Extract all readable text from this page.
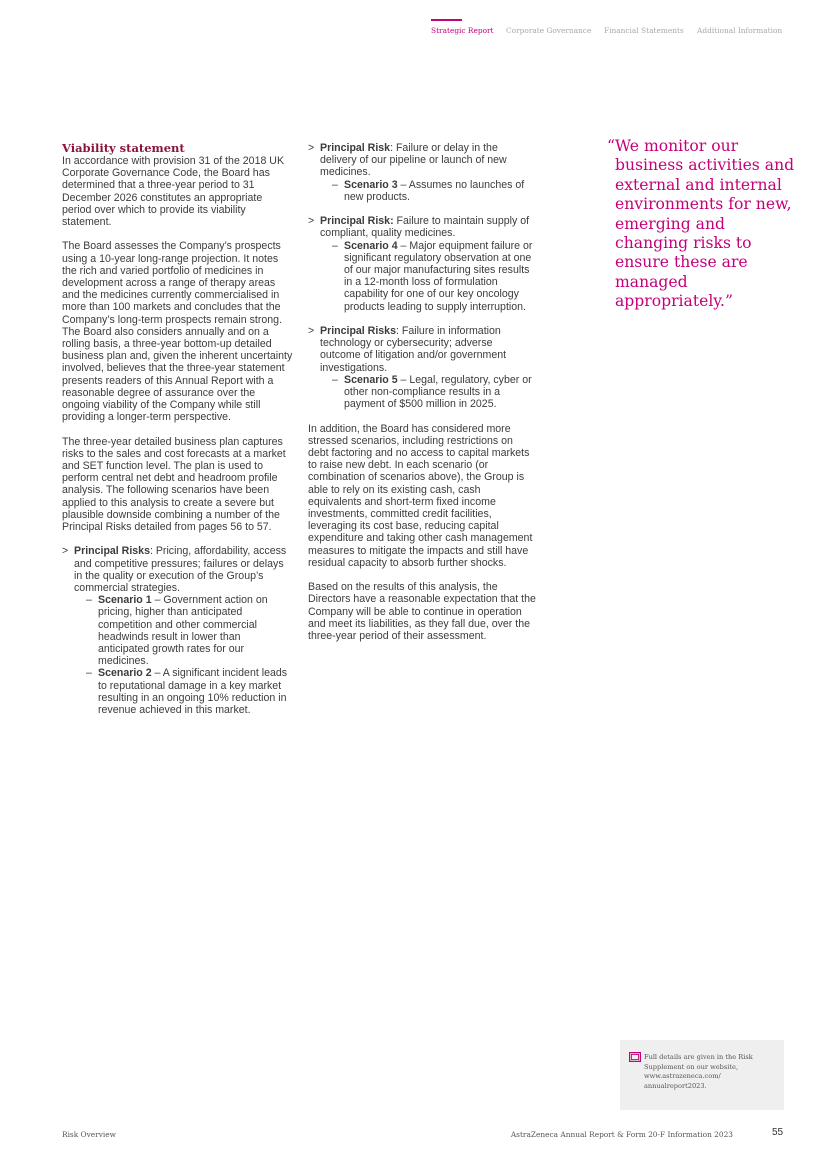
Strategic Report Corporate Governance Financial Statements Additional Information
Viability statement

In accordance with provision 31 of the 2018 UK Corporate Governance Code, the Board has determined that a three-year period to 31 December 2026 constitutes an appropriate period over which to provide its viability statement.

The Board assesses the Company’s prospects using a 10-year long-range projection. It notes the rich and varied portfolio of medicines in development across a range of therapy areas and the medicines currently commercialised in more than 100 markets and concludes that the Company’s long-term prospects remain strong. The Board also considers annually and on a rolling basis, a three-year bottom-up detailed business plan and, given the inherent uncertainty involved, believes that the three-year statement presents readers of this Annual Report with a reasonable degree of assurance over the ongoing viability of the Company while still providing a longer-term perspective.

The three-year detailed business plan captures risks to the sales and cost forecasts at a market and SET function level. The plan is used to perform central net debt and headroom profile analysis. The following scenarios have been applied to this analysis to create a severe but plausible downside combining a number of the Principal Risks detailed from pages 56 to 57.

> Principal Risks: Pricing, affordability, access and competitive pressures; failures or delays in the quality or execution of the Group’s commercial strategies.
– Scenario 1 – Government action on pricing, higher than anticipated competition and other commercial headwinds result in lower than anticipated growth rates for our medicines.
– Scenario 2 – A significant incident leads to reputational damage in a key market resulting in an ongoing 10% reduction in revenue achieved in this market.
> Principal Risk: Failure or delay in the delivery of our pipeline or launch of new medicines.
– Scenario 3 – Assumes no launches of new products.
> Principal Risk: Failure to maintain supply of compliant, quality medicines.
– Scenario 4 – Major equipment failure or significant regulatory observation at one of our major manufacturing sites results in a 12-month loss of formulation capability for one of our key oncology products leading to supply interruption.
> Principal Risks: Failure in information technology or cybersecurity; adverse outcome of litigation and/or government investigations.
– Scenario 5 – Legal, regulatory, cyber or other non-compliance results in a payment of $500 million in 2025.

In addition, the Board has considered more stressed scenarios, including restrictions on debt factoring and no access to capital markets to raise new debt. In each scenario (or combination of scenarios above), the Group is able to rely on its existing cash, cash equivalents and short-term fixed income investments, committed credit facilities, leveraging its cost base, reducing capital expenditure and taking other cash management measures to mitigate the impacts and still have residual capacity to absorb further shocks.

Based on the results of this analysis, the Directors have a reasonable expectation that the Company will be able to continue in operation and meet its liabilities, as they fall due, over the three-year period of their assessment.

“ We monitor our business activities and external and internal environments for new, emerging and changing risks to ensure these are managed appropriately.”
Full details are given in the Risk Supplement on our website, www.astrazeneca.com/ annualreport2023.
Risk Overview	AstraZeneca Annual Report & Form 20-F Information 2023	55
